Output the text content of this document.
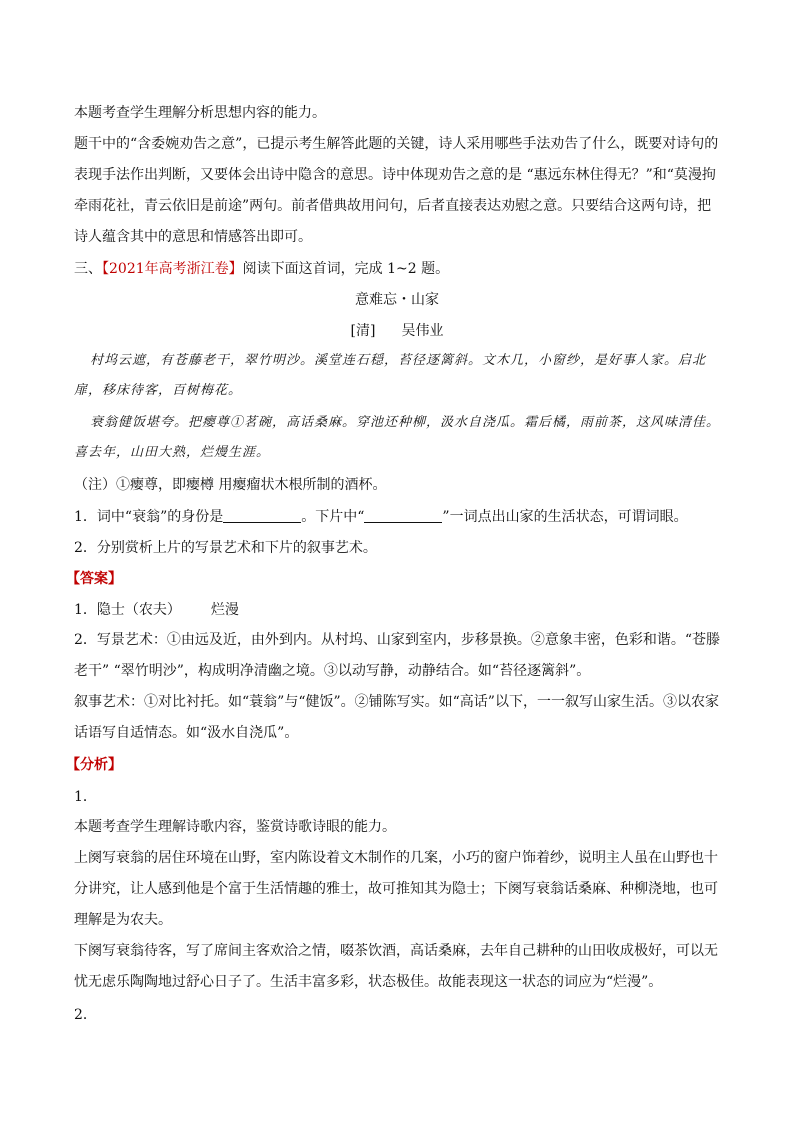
本题考查学生理解分析思想内容的能力。
题干中的“含委婉劝告之意”，已提示考生解答此题的关键，诗人采用哪些手法劝告了什么，既要对诗句的表现手法作出判断，又要体会出诗中隐含的意思。诗中体现劝告之意的是 “惠远东林住得无？”和“莫漫拘牵雨花社，青云依旧是前途”两句。前者借典故用问句，后者直接表达劝慰之意。只要结合这两句诗，把诗人蕴含其中的意思和情感答出即可。
三、【2021年高考浙江卷】阅读下面这首词，完成 1~2 题。
意难忘・山家
[清] 吴伟业
村坞云遮，有苍藤老干，翠竹明沙。溪堂连石穏，苔径逐篱斜。文木几，小窗纱，是好事人家。启北扉，移床待客，百树梅花。
衰翁健饭堪夸。把瘿尊①茗碗，高话桑麻。穿池还种柳，汲水自浇瓜。霜后橘，雨前茶，这风味清佳。喜去年，山田大熟，烂熳生涯。
（注）①瘿尊，即瘿樽 用瘿瘤状木根所制的酒杯。
1．词中“衰翁”的身份是	。下片中“	”一词点出山家的生活状态，可谓词眼。
2．分别赏析上片的写景艺术和下片的叙事艺术。
【答案】
1．隐士（农夫） 烂漫
2．写景艺术：①由远及近，由外到内。从村坞、山家到室内，步移景换。②意象丰密，色彩和谐。“苍滕老干” “翠竹明沙”，构成明净清幽之境。③以动写静，动静结合。如“苔径逐篱斜”。
叙事艺术：①对比衬托。如“蓑翁”与“健饭”。②铺陈写实。如“高话”以下，一一叙写山家生活。③以农家话语写自适情态。如“汲水自浇瓜”。
【分析】
1．
本题考查学生理解诗歌内容，鉴赏诗歌诗眼的能力。
上阕写衰翁的居住环境在山野，室内陈设着文木制作的几案，小巧的窗户饰着纱，说明主人虽在山野也十分讲究，让人感到他是个富于生活情趣的雅士，故可推知其为隐士；下阕写衰翁话桑麻、种柳浇地，也可理解是为农夫。
下阕写衰翁待客，写了席间主客欢洽之情，啜茶饮酒，高话桑麻，去年自己耕种的山田收成极好，可以无忧无虑乐陶陶地过舒心日子了。生活丰富多彩，状态极佳。故能表现这一状态的词应为“烂漫”。
2．
